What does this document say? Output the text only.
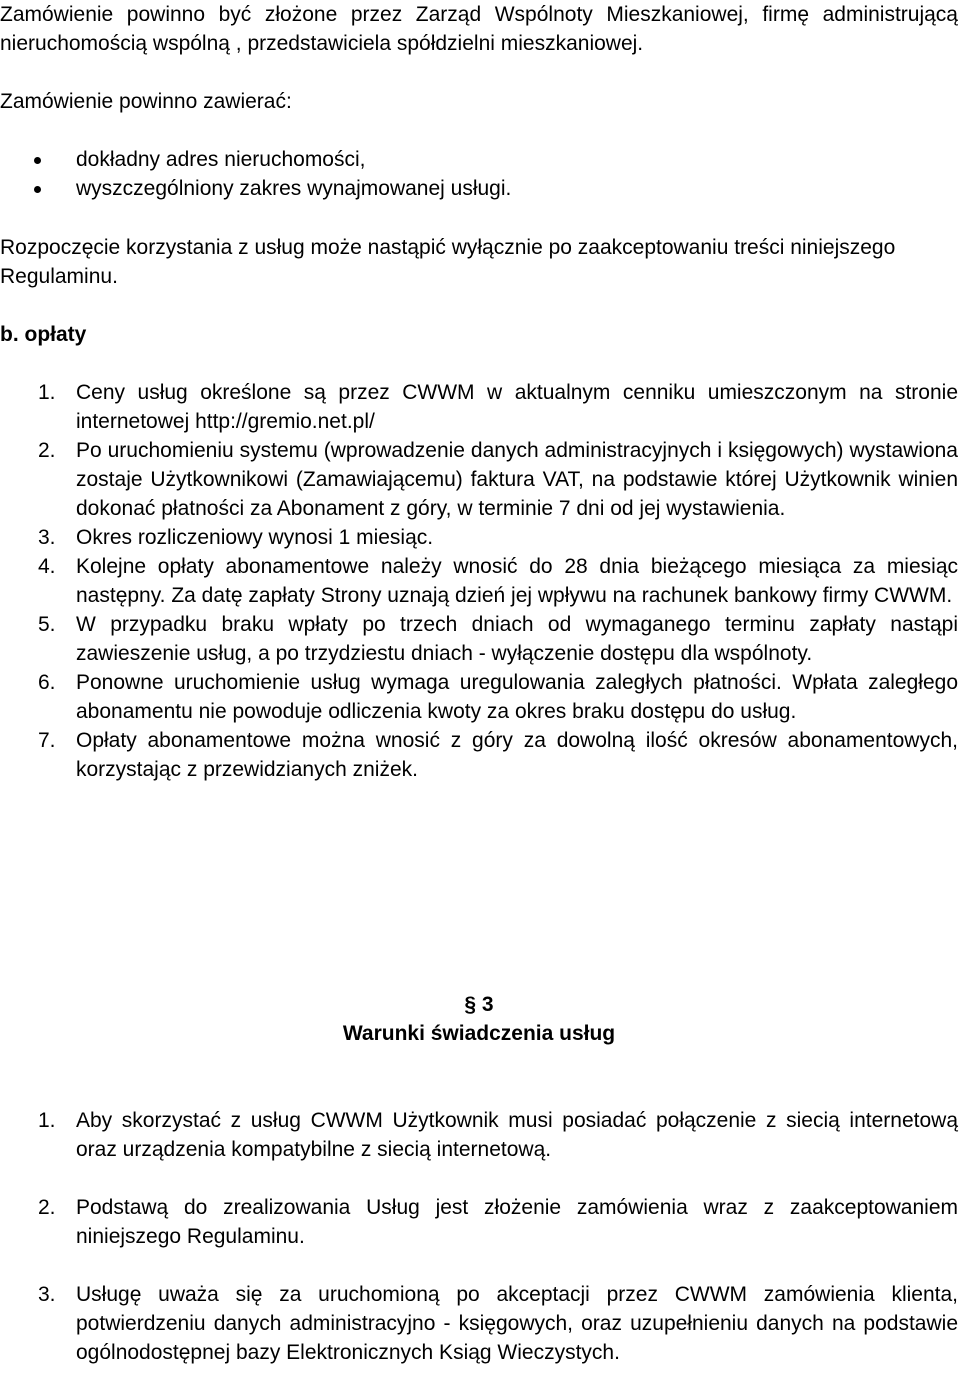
Zamówienie powinno być złożone przez Zarząd Wspólnoty Mieszkaniowej, firmę administrującą nieruchomością wspólną , przedstawiciela spółdzielni mieszkaniowej.
Zamówienie powinno zawierać:
dokładny adres nieruchomości,
wyszczególniony zakres wynajmowanej usługi.
Rozpoczęcie korzystania z usług może nastąpić wyłącznie po zaakceptowaniu treści niniejszego Regulaminu.
b. opłaty
1. Ceny usług określone są przez CWWM w aktualnym cenniku umieszczonym na stronie internetowej http://gremio.net.pl/
2. Po uruchomieniu systemu (wprowadzenie danych administracyjnych i księgowych) wystawiona zostaje Użytkownikowi (Zamawiającemu) faktura VAT, na podstawie której Użytkownik winien dokonać płatności za Abonament z góry, w terminie 7 dni od jej wystawienia.
3. Okres rozliczeniowy wynosi 1 miesiąc.
4. Kolejne opłaty abonamentowe należy wnosić do 28 dnia bieżącego miesiąca za miesiąc następny. Za datę zapłaty Strony uznają dzień jej wpływu na rachunek bankowy firmy CWWM.
5. W przypadku braku wpłaty po trzech dniach od wymaganego terminu zapłaty nastąpi zawieszenie usług, a po trzydziestu dniach - wyłączenie dostępu dla wspólnoty.
6. Ponowne uruchomienie usług wymaga uregulowania zaległych płatności. Wpłata zaległego abonamentu nie powoduje odliczenia kwoty za okres braku dostępu do usług.
7. Opłaty abonamentowe można wnosić z góry za dowolną ilość okresów abonamentowych, korzystając z przewidzianych zniżek.
§ 3
Warunki świadczenia usług
1. Aby skorzystać z usług CWWM Użytkownik musi posiadać połączenie z siecią internetową oraz urządzenia kompatybilne z siecią internetową.
2. Podstawą do zrealizowania Usług jest złożenie zamówienia wraz z zaakceptowaniem niniejszego Regulaminu.
3. Usługę uważa się za uruchomioną po akceptacji przez CWWM zamówienia klienta, potwierdzeniu danych administracyjno - księgowych, oraz uzupełnieniu danych na podstawie ogólnodostępnej bazy Elektronicznych Ksiąg Wieczystych.
